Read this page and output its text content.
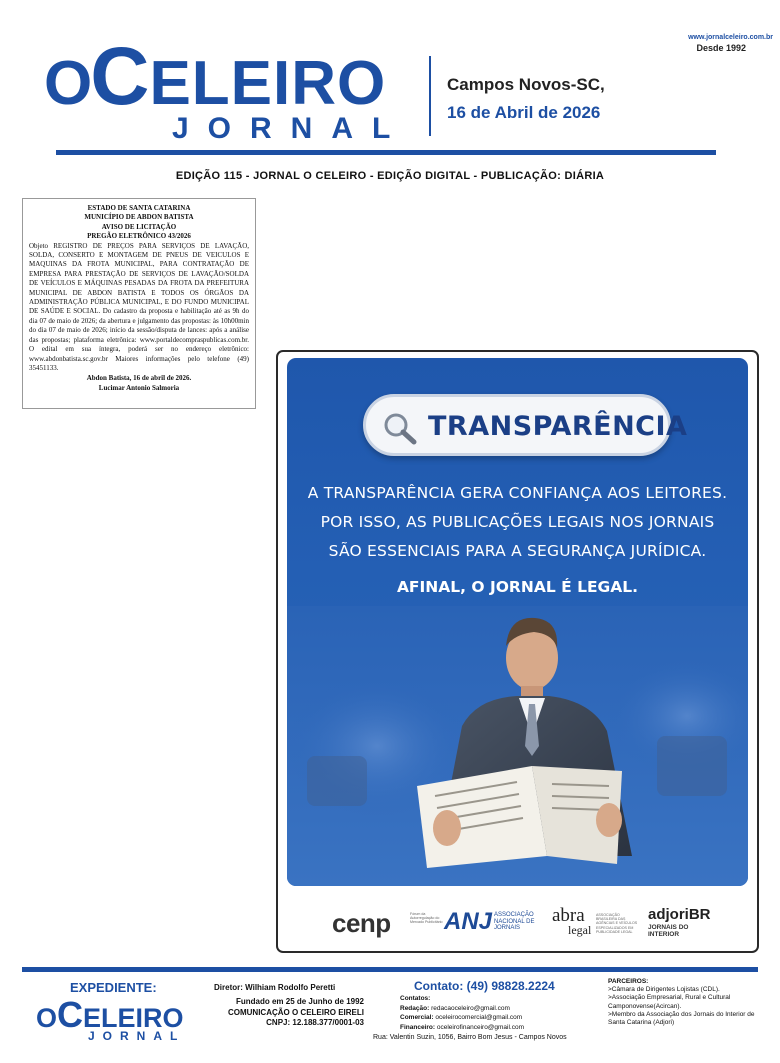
OCELEIRO
JORNAL
Campos Novos-SC,
16 de Abril de 2026
www.jornalceleiro.com.br
Desde 1992
EDIÇÃO 115 - JORNAL O CELEIRO - EDIÇÃO DIGITAL - PUBLICAÇÃO: DIÁRIA
ESTADO DE SANTA CATARINA
MUNICÍPIO DE ABDON BATISTA
AVISO DE LICITAÇÃO
PREGÃO ELETRÔNICO 43/2026
Objeto REGISTRO DE PREÇOS PARA SERVIÇOS DE LAVAÇÃO, SOLDA, CONSERTO E MONTAGEM DE PNEUS DE VEICULOS E MAQUINAS DA FROTA MUNICIPAL, PARA CONTRATAÇÃO DE EMPRESA PARA PRESTAÇÃO DE SERVIÇOS DE LAVAÇÃO/SOLDA DE VEÍCULOS E MÁQUINAS PESADAS DA FROTA DA PREFEITURA MUNICIPAL DE ABDON BATISTA E TODOS OS ÓRGÃOS DA ADMINISTRAÇÃO PÚBLICA MUNICIPAL, E DO FUNDO MUNICIPAL DE SAÚDE E SOCIAL. Do cadastro da proposta e habilitação até as 9h do dia 07 de maio de 2026; da abertura e julgamento das propostas: às 10h00min do dia 07 de maio de 2026; início da sessão/disputa de lances: após a análise das propostas; plataforma eletrônica: www.portaldecompraspublicas.com.br. O edital em sua íntegra, poderá ser no endereço eletrônico: www.abdonbatista.sc.gov.br Maiores informações pelo telefone (49) 35451133.
Abdon Batista, 16 de abril de 2026.
Lucimar Antonio Salmoria
TRANSPARÊNCIA
A TRANSPARÊNCIA GERA CONFIANÇA AOS LEITORES.
POR ISSO, AS PUBLICAÇÕES LEGAIS NOS JORNAIS
SÃO ESSENCIAIS PARA A SEGURANÇA JURÍDICA.
AFINAL, O JORNAL É LEGAL.
cenp	Fórum da Autorregulação do Mercado Publicitário ANJ ASSOCIAÇÃO NACIONAL DE JORNAIS
abra
legal
ASSOCIAÇÃO BRASILEIRA DAS AGÊNCIAS E VEÍCULOS ESPECIALIZADOS EM PUBLICIDADE LEGAL
adjoriBR
JORNAIS DO INTERIOR
EXPEDIENTE:
OCELEIRO
JORNAL
Diretor: Wilhiam Rodolfo Peretti
Fundado em 25 de Junho de 1992
COMUNICAÇÃO O CELEIRO EIRELI
CNPJ: 12.188.377/0001-03
Contato: (49) 98828.2224
Contatos:
Redação: redacaoceleiro@gmail.com
Comercial: oceleirocomercial@gmail.com
Financeiro: oceleirofinanceiro@gmail.com
Rua: Valentin Suzin, 1056, Bairro Bom Jesus - Campos Novos
PARCEIROS:
>Câmara de Dirigentes Lojistas (CDL).
>Associação Empresarial, Rural e Cultural Camponovense(Acircan).
>Membro da Associação dos Jornais do Interior de Santa Catarina (Adjori)
